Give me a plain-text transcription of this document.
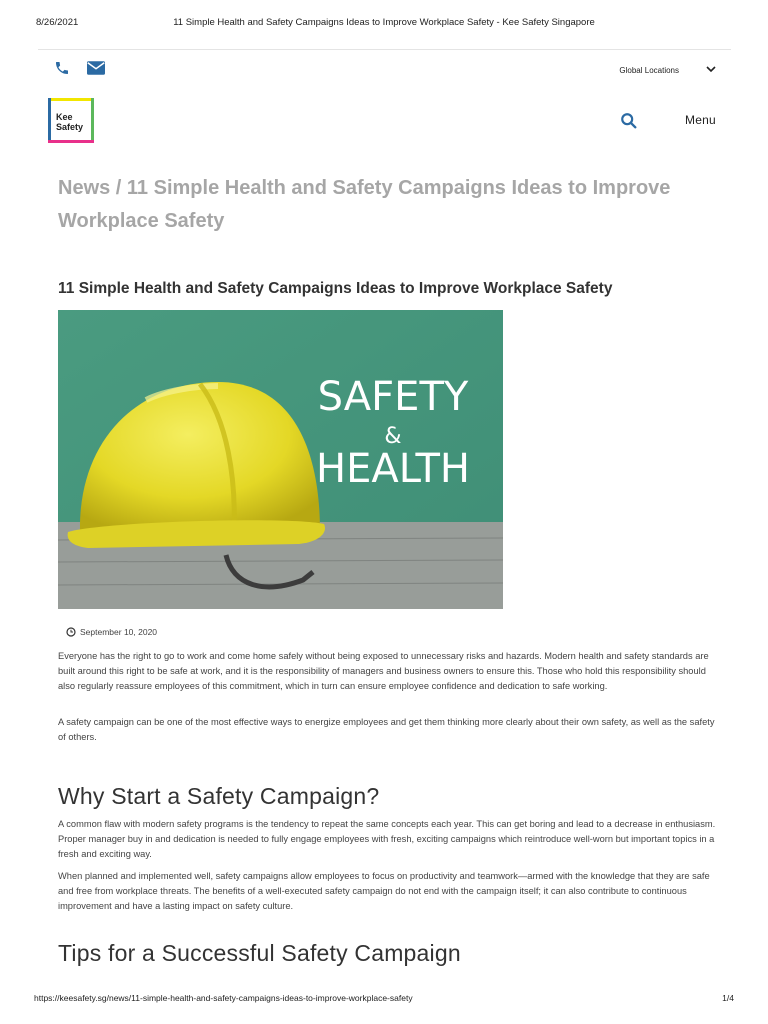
8/26/2021	11 Simple Health and Safety Campaigns Ideas to Improve Workplace Safety - Kee Safety Singapore
Global Locations
Kee
Safety	Menu
News / 11 Simple Health and Safety Campaigns Ideas to Improve Workplace Safety
11 Simple Health and Safety Campaigns Ideas to Improve Workplace Safety
SAFETY
&
HEALTH
September 10, 2020

Everyone has the right to go to work and come home safely without being exposed to unnecessary risks and hazards. Modern health and safety standards are built around this right to be safe at work, and it is the responsibility of managers and business owners to ensure this. Those who hold this responsibility should also regularly reassure employees of this commitment, which in turn can ensure employee confidence and dedication to safe working.

A safety campaign can be one of the most effective ways to energize employees and get them thinking more clearly about their own safety, as well as the safety of others.

Why Start a Safety Campaign?

A common flaw with modern safety programs is the tendency to repeat the same concepts each year. This can get boring and lead to a decrease in enthusiasm. Proper manager buy in and dedication is needed to fully engage employees with fresh, exciting campaigns which reintroduce well-worn but important topics in a fresh and exciting way.

When planned and implemented well, safety campaigns allow employees to focus on productivity and teamwork—armed with the knowledge that they are safe and free from workplace threats. The benefits of a well-executed safety campaign do not end with the campaign itself; it can also contribute to continuous improvement and have a lasting impact on safety culture.

Tips for a Successful Safety Campaign
https://keesafety.sg/news/11-simple-health-and-safety-campaigns-ideas-to-improve-workplace-safety	1/4
